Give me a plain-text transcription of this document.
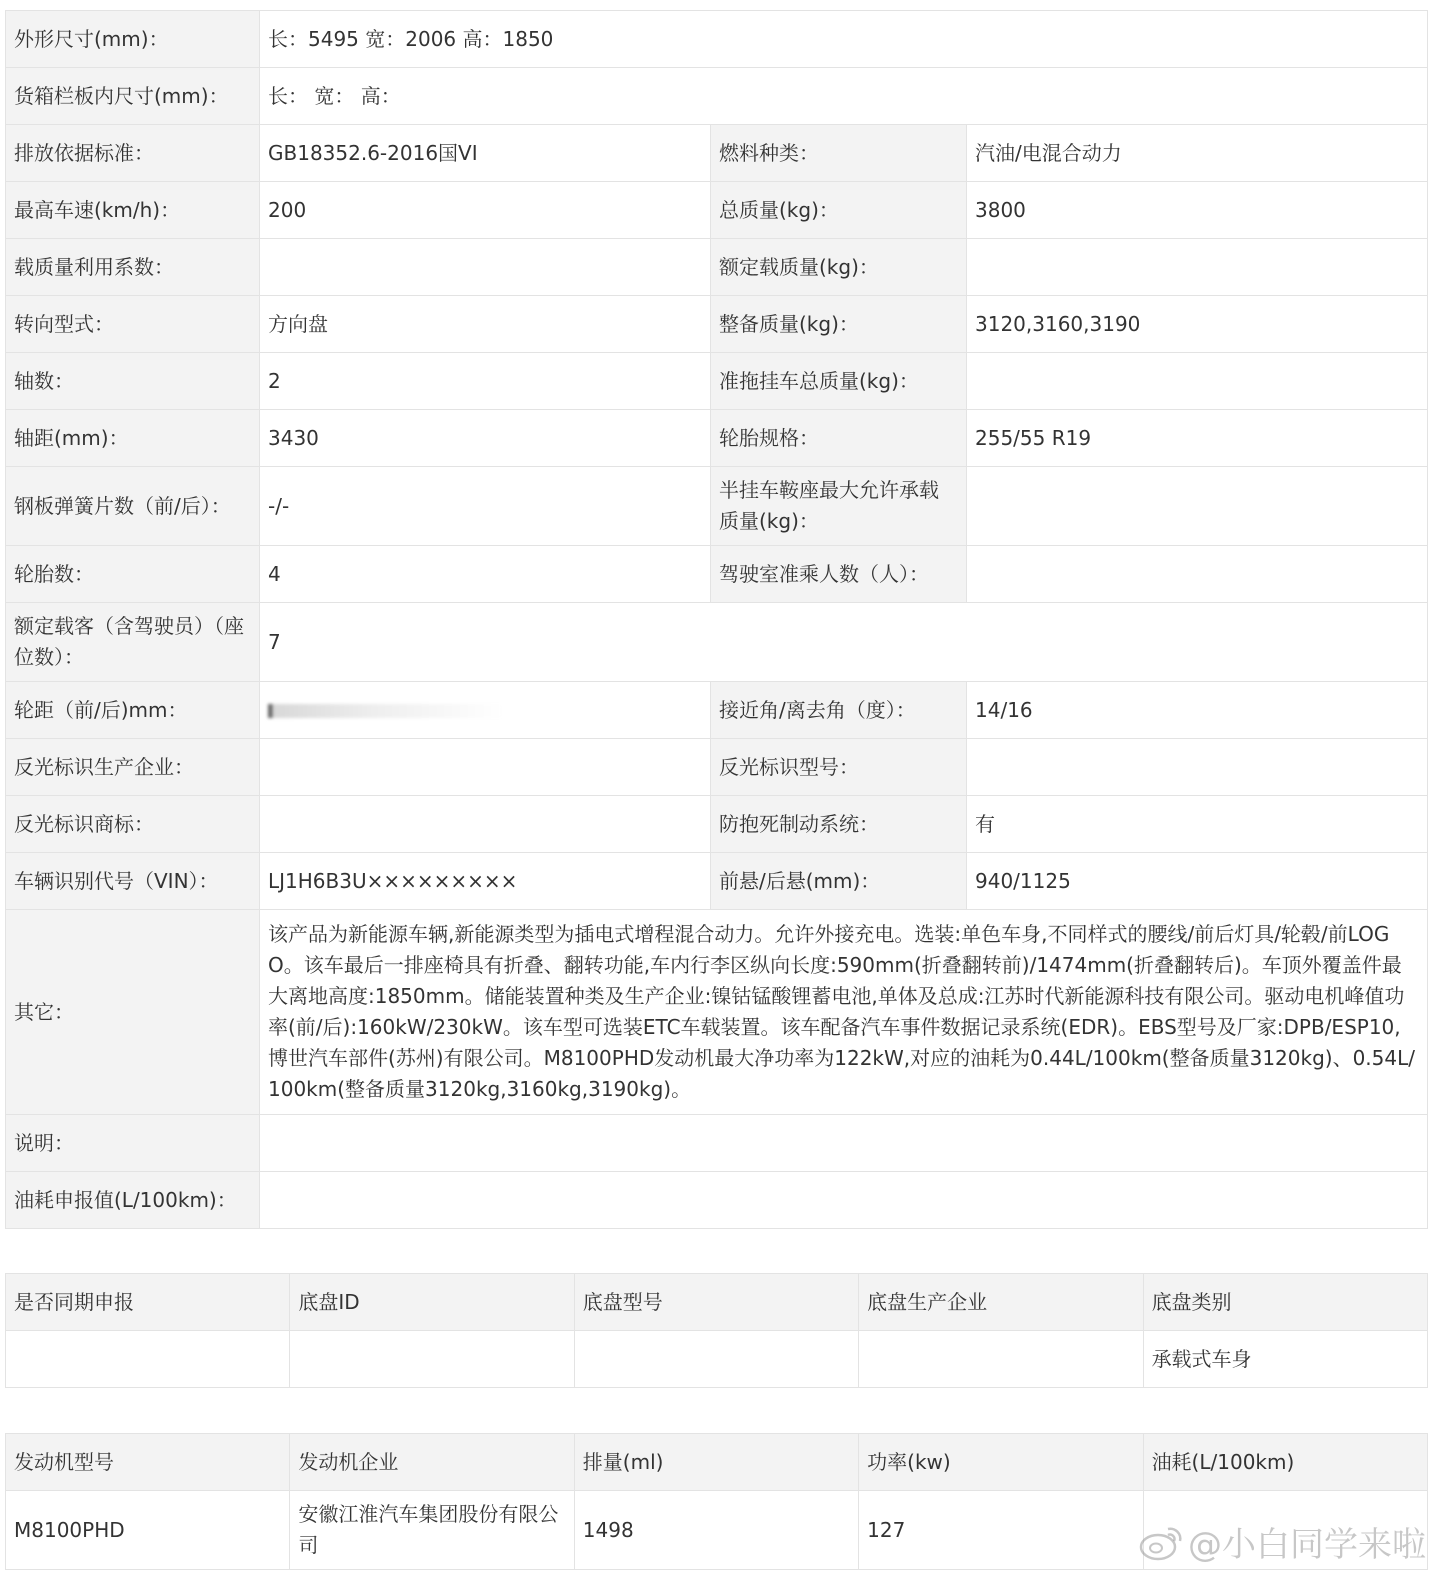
外形尺寸(mm)：	长：5495 宽：2006 高：1850		
货箱栏板内尺寸(mm)：	长： 宽： 高：		
排放依据标准：	GB18352.6-2016国VI	燃料种类：	汽油/电混合动力
最高车速(km/h)：	200	总质量(kg)：	3800
载质量利用系数：		额定载质量(kg)：	
转向型式：	方向盘	整备质量(kg)：	3120,3160,3190
轴数：	2	准拖挂车总质量(kg)：	
轴距(mm)：	3430	轮胎规格：	255/55 R19
钢板弹簧片数（前/后）：	-/-	半挂车鞍座最大允许承载质量(kg)：	
轮胎数：	4	驾驶室准乘人数（人）：	
额定载客（含驾驶员）（座位数）：	7		
轮距（前/后)mm：		接近角/离去角（度）：	14/16
反光标识生产企业：		反光标识型号：	
反光标识商标：		防抱死制动系统：	有
车辆识别代号（VIN）：	LJ1H6B3U×××××××××	前悬/后悬(mm)：	940/1125
其它：	该产品为新能源车辆,新能源类型为插电式增程混合动力。允许外接充电。选装:单色车身,不同样式的腰线/前后灯具/轮毂/前LOGO。该车最后一排座椅具有折叠、翻转功能,车内行李区纵向长度:590mm(折叠翻转前)/1474mm(折叠翻转后)。车顶外覆盖件最大离地高度:1850mm。储能装置种类及生产企业:镍钴锰酸锂蓄电池,单体及总成:江苏时代新能源科技有限公司。驱动电机峰值功率(前/后):160kW/230kW。该车型可选装ETC车载装置。该车配备汽车事件数据记录系统(EDR)。EBS型号及厂家:DPB/ESP10,博世汽车部件(苏州)有限公司。M8100PHD发动机最大净功率为122kW,对应的油耗为0.44L/100km(整备质量3120kg)、0.54L/100km(整备质量3120kg,3160kg,3190kg)。		
说明：			
油耗申报值(L/100km)：			
是否同期申报	底盘ID	底盘型号	底盘生产企业	底盘类别
				承载式车身
发动机型号	发动机企业	排量(ml)	功率(kw)	油耗(L/100km)
M8100PHD	安徽江淮汽车集团股份有限公司	1498	127		@小白同学来啦
